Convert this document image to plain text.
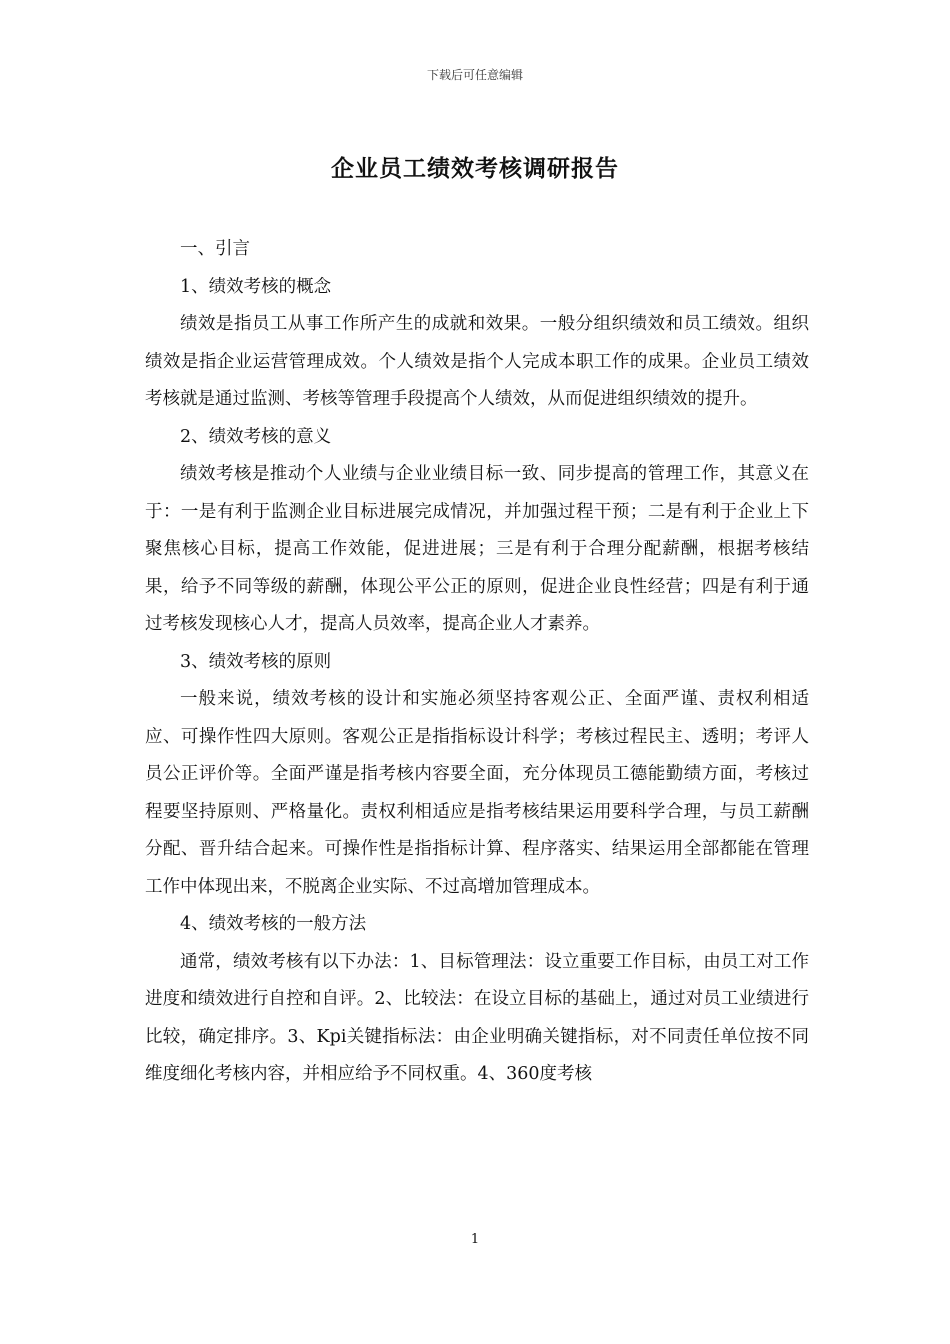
下载后可任意编辑
企业员工绩效考核调研报告

一、引言

1、绩效考核的概念

绩效是指员工从事工作所产生的成就和效果。一般分组织绩效和员工绩效。组织绩效是指企业运营管理成效。个人绩效是指个人完成本职工作的成果。企业员工绩效考核就是通过监测、考核等管理手段提高个人绩效，从而促进组织绩效的提升。

2、绩效考核的意义

绩效考核是推动个人业绩与企业业绩目标一致、同步提高的管理工作，其意义在于：一是有利于监测企业目标进展完成情况，并加强过程干预；二是有利于企业上下聚焦核心目标，提高工作效能，促进进展；三是有利于合理分配薪酬，根据考核结果，给予不同等级的薪酬，体现公平公正的原则，促进企业良性经营；四是有利于通过考核发现核心人才，提高人员效率，提高企业人才素养。

3、绩效考核的原则

一般来说，绩效考核的设计和实施必须坚持客观公正、全面严谨、责权利相适应、可操作性四大原则。客观公正是指指标设计科学；考核过程民主、透明；考评人员公正评价等。全面严谨是指考核内容要全面，充分体现员工德能勤绩方面，考核过程要坚持原则、严格量化。责权利相适应是指考核结果运用要科学合理，与员工薪酬分配、晋升结合起来。可操作性是指指标计算、程序落实、结果运用全部都能在管理工作中体现出来，不脱离企业实际、不过高增加管理成本。

4、绩效考核的一般方法

通常，绩效考核有以下办法：1、目标管理法：设立重要工作目标，由员工对工作进度和绩效进行自控和自评。2、比较法：在设立目标的基础上，通过对员工业绩进行比较，确定排序。3、Kpi关键指标法：由企业明确关键指标，对不同责任单位按不同维度细化考核内容，并相应给予不同权重。4、360度考核

1
